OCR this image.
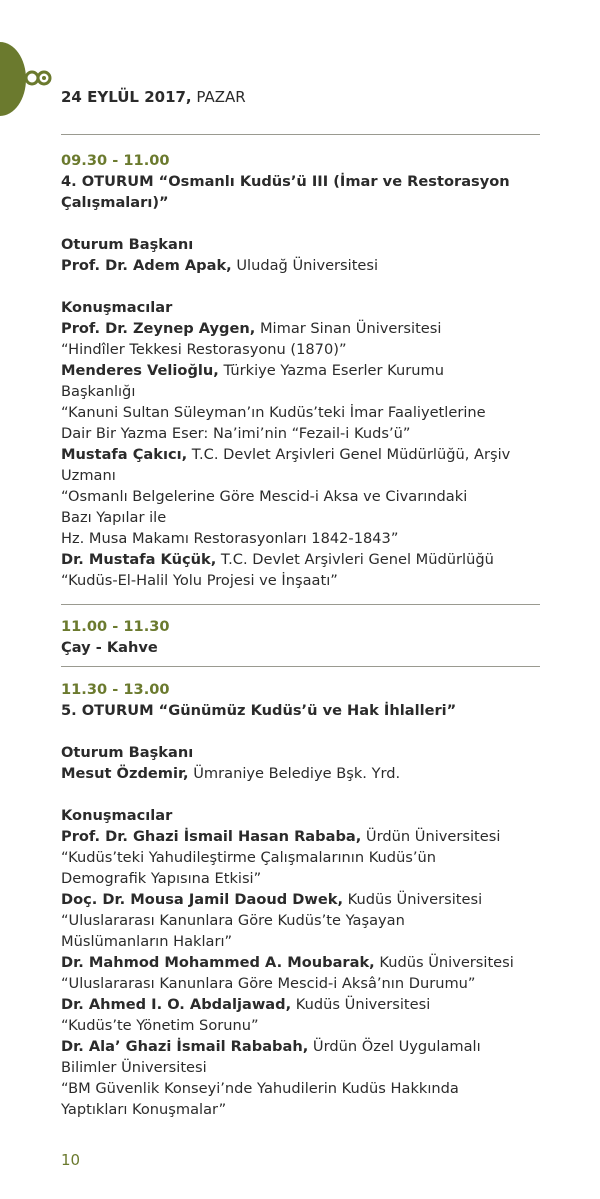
24 EYLÜL 2017, PAZAR
09.30 - 11.00
4. OTURUM “Osmanlı Kudüs’ü III (İmar ve Restorasyon
Çalışmaları)”
Oturum Başkanı
Prof. Dr. Adem Apak, Uludağ Üniversitesi
Konuşmacılar
Prof. Dr. Zeynep Aygen, Mimar Sinan Üniversitesi
“Hindîler Tekkesi Restorasyonu (1870)”
Menderes Velioğlu, Türkiye Yazma Eserler Kurumu
Başkanlığı
“Kanuni Sultan Süleyman’ın Kudüs’teki İmar Faaliyetlerine
Dair Bir Yazma Eser: Na’imi’nin “Fezail-i Kuds’ü”
Mustafa Çakıcı, T.C. Devlet Arşivleri Genel Müdürlüğü, Arşiv
Uzmanı
“Osmanlı Belgelerine Göre Mescid-i Aksa ve Civarındaki
Bazı Yapılar ile
Hz. Musa Makamı Restorasyonları 1842-1843”
Dr. Mustafa Küçük, T.C. Devlet Arşivleri Genel Müdürlüğü
“Kudüs-El-Halil Yolu Projesi ve İnşaatı”
11.00 - 11.30
Çay - Kahve
11.30 - 13.00
5. OTURUM “Günümüz Kudüs’ü ve Hak İhlalleri”
Oturum Başkanı
Mesut Özdemir, Ümraniye Belediye Bşk. Yrd.
Konuşmacılar
Prof. Dr. Ghazi İsmail Hasan Rababa, Ürdün Üniversitesi
“Kudüs’teki Yahudileştirme Çalışmalarının Kudüs’ün
Demografik Yapısına Etkisi”
Doç. Dr. Mousa Jamil Daoud Dwek, Kudüs Üniversitesi
“Uluslararası Kanunlara Göre Kudüs’te Yaşayan
Müslümanların Hakları”
Dr. Mahmod Mohammed A. Moubarak, Kudüs Üniversitesi
“Uluslararası Kanunlara Göre Mescid-i Aksâ’nın Durumu”
Dr. Ahmed I. O. Abdaljawad, Kudüs Üniversitesi
“Kudüs’te Yönetim Sorunu”
Dr. Ala’ Ghazi İsmail Rababah, Ürdün Özel Uygulamalı
Bilimler Üniversitesi
“BM Güvenlik Konseyi’nde Yahudilerin Kudüs Hakkında
Yaptıkları Konuşmalar”
10
